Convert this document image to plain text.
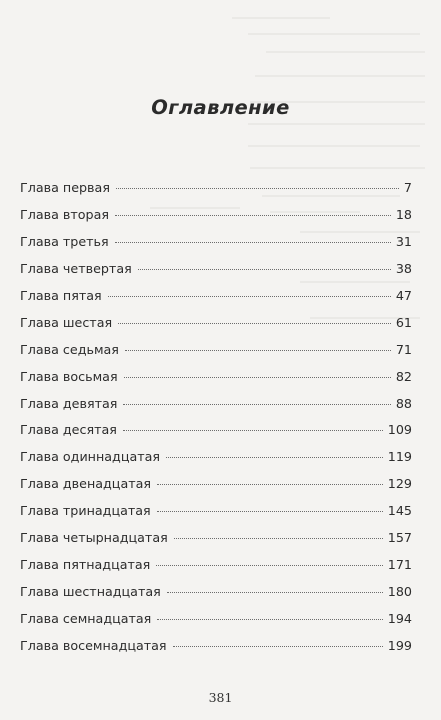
Оглавление
Глава первая	7
Глава вторая	18
Глава третья	31
Глава четвертая	38
Глава пятая	47
Глава шестая	61
Глава седьмая	71
Глава восьмая	82
Глава девятая	88
Глава десятая	109
Глава одиннадцатая	119
Глава двенадцатая	129
Глава тринадцатая	145
Глава четырнадцатая	157
Глава пятнадцатая	171
Глава шестнадцатая	180
Глава семнадцатая	194
Глава восемнадцатая	199
381
